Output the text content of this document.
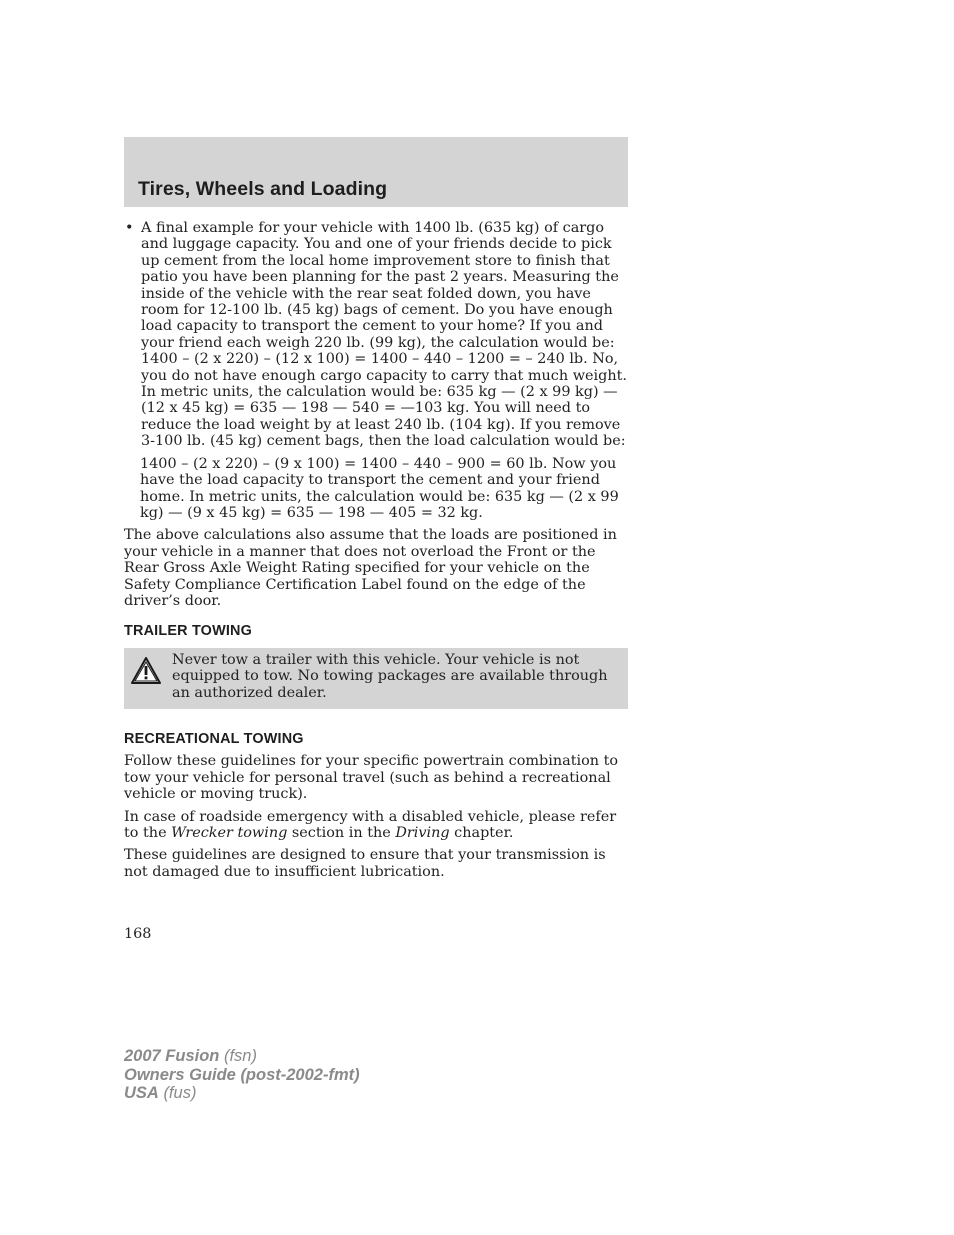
Tires, Wheels and Loading

• A final example for your vehicle with 1400 lb. (635 kg) of cargo and luggage capacity. You and one of your friends decide to pick up cement from the local home improvement store to finish that patio you have been planning for the past 2 years. Measuring the inside of the vehicle with the rear seat folded down, you have room for 12-100 lb. (45 kg) bags of cement. Do you have enough load capacity to transport the cement to your home? If you and your friend each weigh 220 lb. (99 kg), the calculation would be: 1400 – (2 x 220) – (12 x 100) = 1400 – 440 – 1200 = – 240 lb. No, you do not have enough cargo capacity to carry that much weight. In metric units, the calculation would be: 635 kg — (2 x 99 kg) — (12 x 45 kg) = 635 — 198 — 540 = —103 kg. You will need to reduce the load weight by at least 240 lb. (104 kg). If you remove 3-100 lb. (45 kg) cement bags, then the load calculation would be:

1400 – (2 x 220) – (9 x 100) = 1400 – 440 – 900 = 60 lb. Now you have the load capacity to transport the cement and your friend home. In metric units, the calculation would be: 635 kg — (2 x 99 kg) — (9 x 45 kg) = 635 — 198 — 405 = 32 kg.

The above calculations also assume that the loads are positioned in your vehicle in a manner that does not overload the Front or the Rear Gross Axle Weight Rating specified for your vehicle on the Safety Compliance Certification Label found on the edge of the driver’s door.

TRAILER TOWING
Never tow a trailer with this vehicle. Your vehicle is not equipped to tow. No towing packages are available through an authorized dealer.
RECREATIONAL TOWING

Follow these guidelines for your specific powertrain combination to tow your vehicle for personal travel (such as behind a recreational vehicle or moving truck).

In case of roadside emergency with a disabled vehicle, please refer to the Wrecker towing section in the Driving chapter.

These guidelines are designed to ensure that your transmission is not damaged due to insufficient lubrication.

168
2007 Fusion (fsn)
Owners Guide (post-2002-fmt)
USA (fus)
